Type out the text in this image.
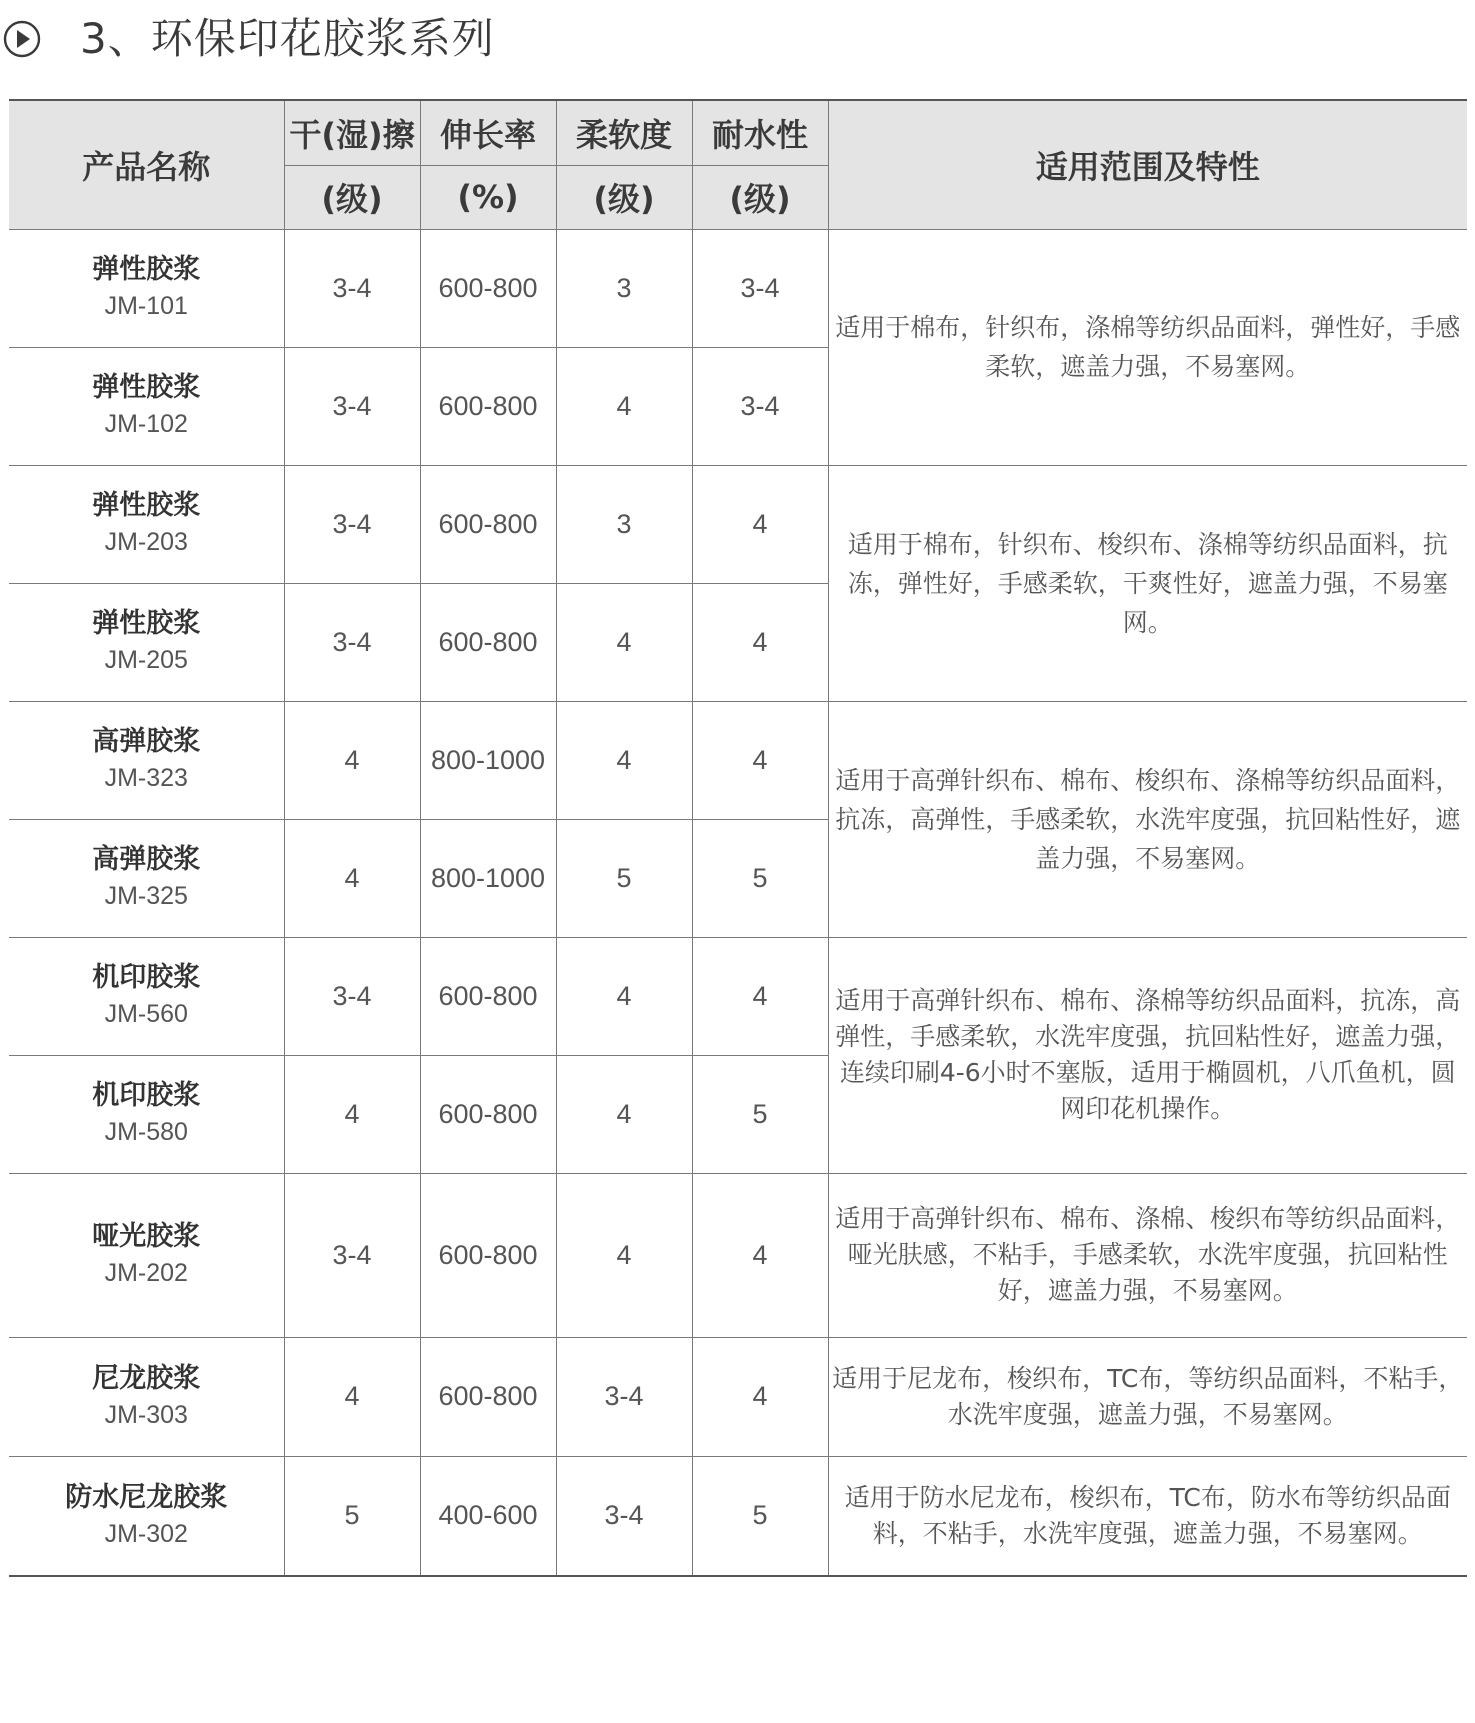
3、环保印花胶浆系列
产品名称	干(湿)擦	伸长率	柔软度	耐水性	适用范围及特性
	(级)	(%)	(级)	(级)	

弹性胶浆
JM-101	3-4	600-800	3	3-4	适用于棉布，针织布，涤棉等纺织品面料，弹性好，手感柔软，遮盖力强，不易塞网。

弹性胶浆
JM-102	3-4	600-800	4	3-4	

弹性胶浆
JM-203	3-4	600-800	3	4	适用于棉布，针织布、梭织布、涤棉等纺织品面料，抗冻，弹性好，手感柔软，干爽性好，遮盖力强，不易塞网。

弹性胶浆
JM-205	3-4	600-800	4	4	

高弹胶浆
JM-323	4	800-1000	4	4	适用于高弹针织布、棉布、梭织布、涤棉等纺织品面料，抗冻，高弹性，手感柔软，水洗牢度强，抗回粘性好，遮盖力强，不易塞网。

高弹胶浆
JM-325	4	800-1000	5	5	

机印胶浆
JM-560	3-4	600-800	4	4	适用于高弹针织布、棉布、涤棉等纺织品面料，抗冻，高弹性，手感柔软，水洗牢度强，抗回粘性好，遮盖力强，连续印刷4-6小时不塞版，适用于椭圆机，八爪鱼机，圆网印花机操作。

机印胶浆
JM-580	4	600-800	4	5	

哑光胶浆
JM-202	3-4	600-800	4	4	适用于高弹针织布、棉布、涤棉、梭织布等纺织品面料，哑光肤感，不粘手，手感柔软，水洗牢度强，抗回粘性好，遮盖力强，不易塞网。

尼龙胶浆
JM-303	4	600-800	3-4	4	适用于尼龙布，梭织布，TC布，等纺织品面料，不粘手，水洗牢度强，遮盖力强，不易塞网。

防水尼龙胶浆
JM-302	5	400-600	3-4	5	适用于防水尼龙布，梭织布，TC布，防水布等纺织品面料，不粘手，水洗牢度强，遮盖力强，不易塞网。
